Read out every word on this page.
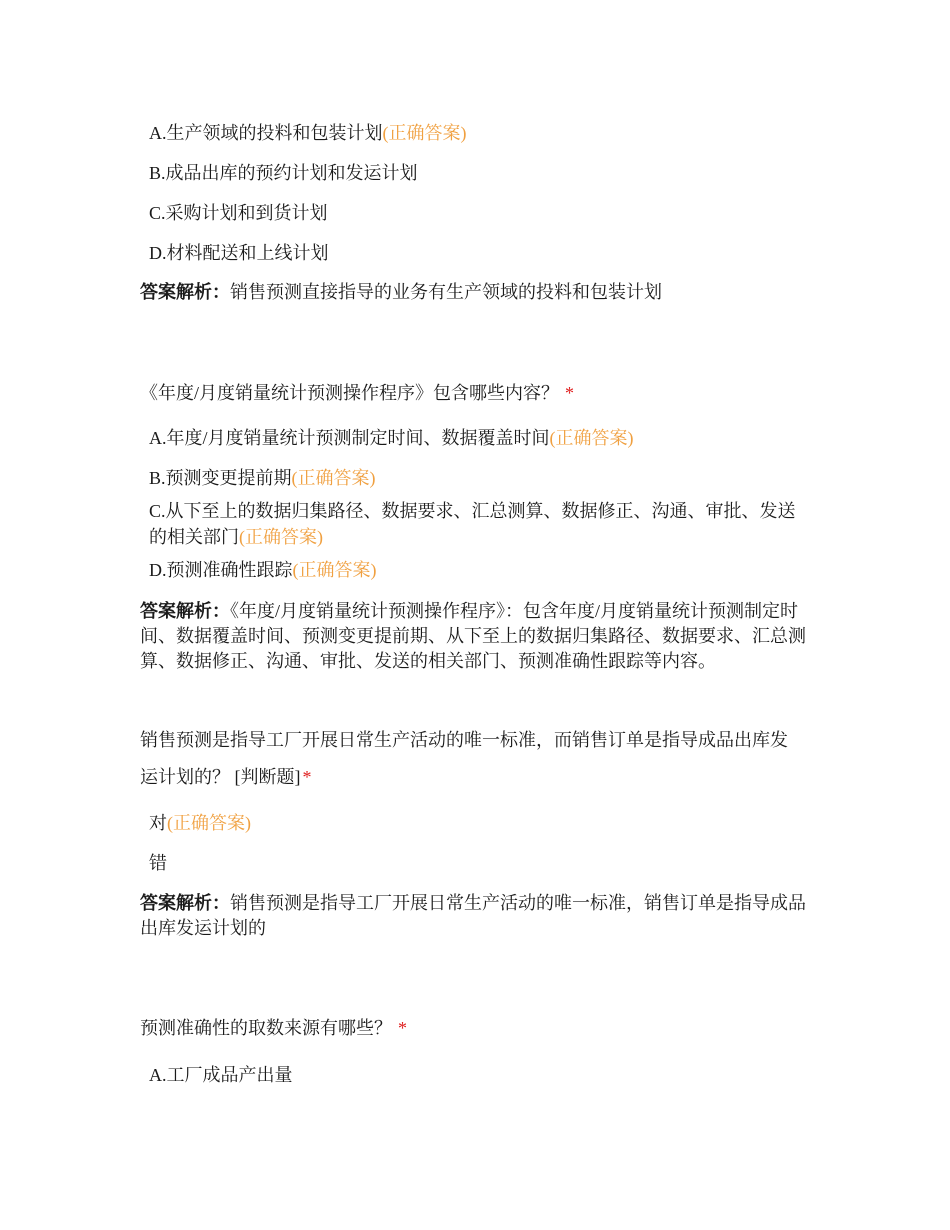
A.生产领域的投料和包装计划(正确答案)
B.成品出库的预约计划和发运计划
C.采购计划和到货计划
D.材料配送和上线计划
答案解析：销售预测直接指导的业务有生产领域的投料和包装计划
《年度/月度销量统计预测操作程序》包含哪些内容？ *
A.年度/月度销量统计预测制定时间、数据覆盖时间(正确答案)
B.预测变更提前期(正确答案)
C.从下至上的数据归集路径、数据要求、汇总测算、数据修正、沟通、审批、发送的相关部门(正确答案)
D.预测准确性跟踪(正确答案)
答案解析：《年度/月度销量统计预测操作程序》：包含年度/月度销量统计预测制定时间、数据覆盖时间、预测变更提前期、从下至上的数据归集路径、数据要求、汇总测算、数据修正、沟通、审批、发送的相关部门、预测准确性跟踪等内容。
销售预测是指导工厂开展日常生产活动的唯一标准，而销售订单是指导成品出库发
运计划的？ [判断题] *
对(正确答案)
错
答案解析：销售预测是指导工厂开展日常生产活动的唯一标准，销售订单是指导成品出库发运计划的
预测准确性的取数来源有哪些？ *
A.工厂成品产出量
